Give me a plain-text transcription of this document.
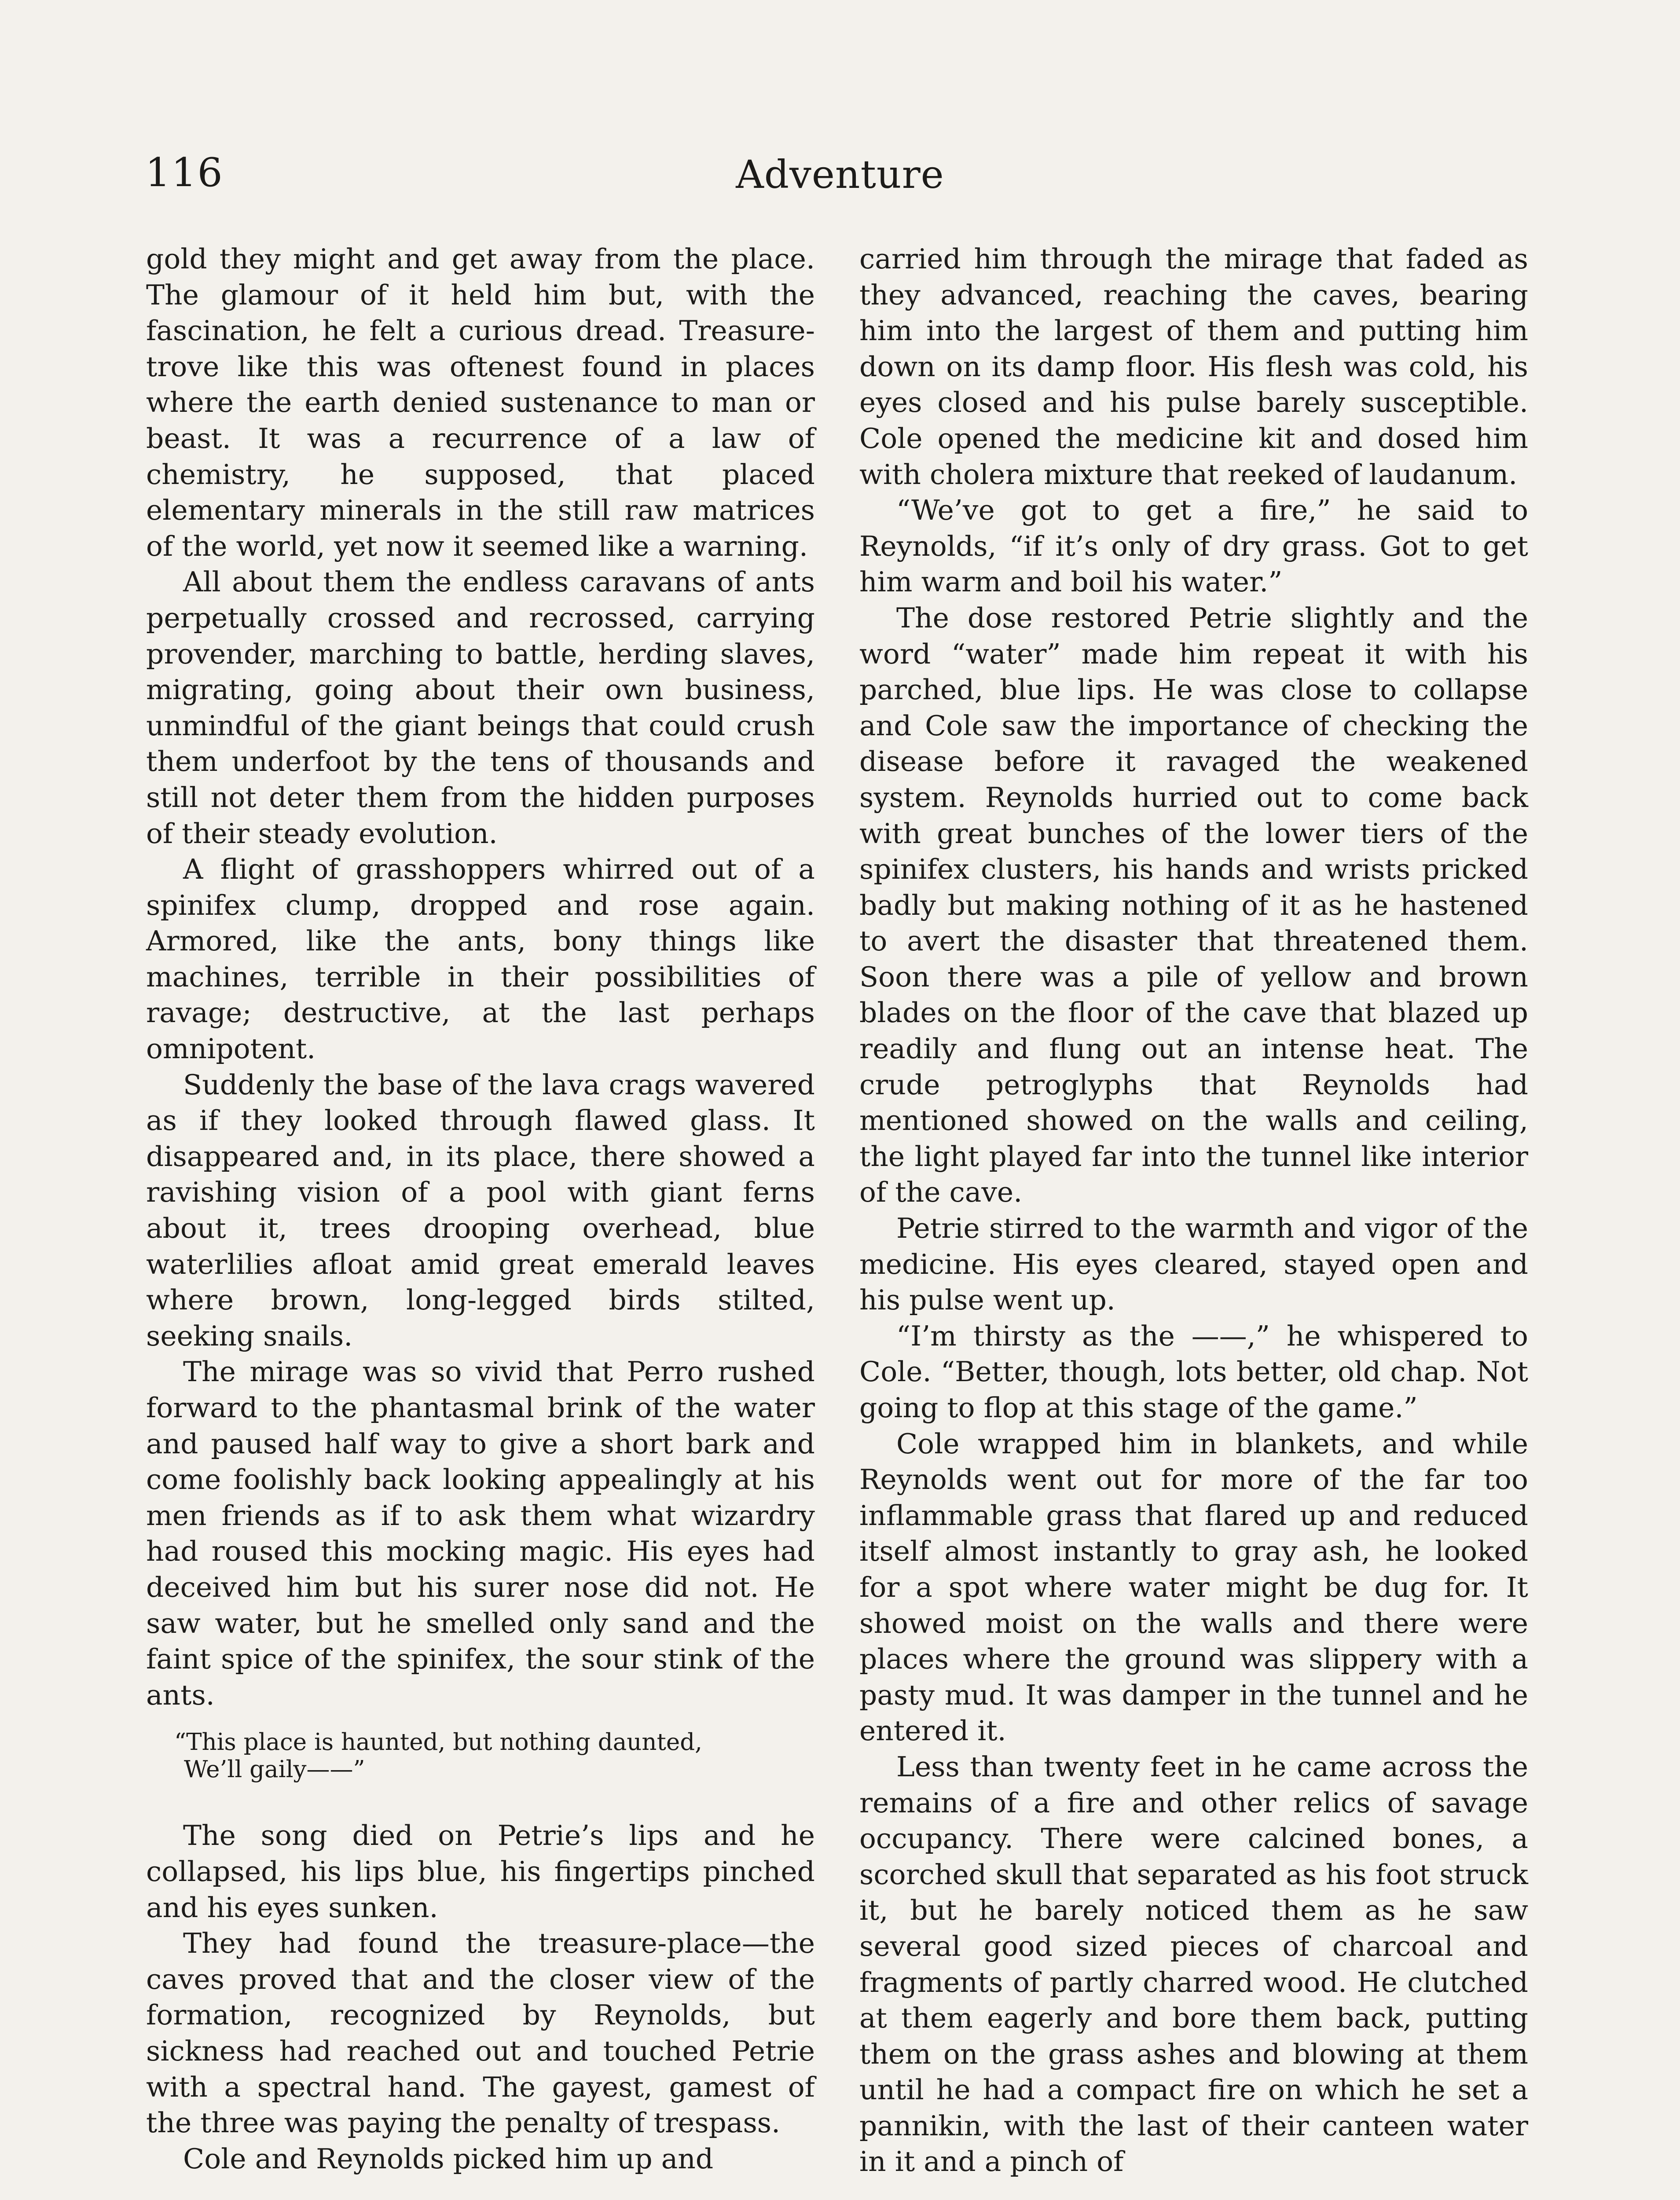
116	Adventure

gold they might and get away from the place. The glamour of it held him but, with the fascination, he felt a curious dread. Treasure-trove like this was oftenest found in places where the earth denied sustenance to man or beast. It was a recurrence of a law of chemistry, he supposed, that placed elementary minerals in the still raw matrices of the world, yet now it seemed like a warning.

All about them the endless caravans of ants perpetually crossed and recrossed, carrying provender, marching to battle, herding slaves, migrating, going about their own business, unmindful of the giant beings that could crush them underfoot by the tens of thousands and still not deter them from the hidden purposes of their steady evolution.

A flight of grasshoppers whirred out of a spinifex clump, dropped and rose again. Armored, like the ants, bony things like machines, terrible in their possibilities of ravage; destructive, at the last perhaps omnipotent.

Suddenly the base of the lava crags wavered as if they looked through flawed glass. It disappeared and, in its place, there showed a ravishing vision of a pool with giant ferns about it, trees drooping overhead, blue waterlilies afloat amid great emerald leaves where brown, long-legged birds stilted, seeking snails.

The mirage was so vivid that Perro rushed forward to the phantasmal brink of the water and paused half way to give a short bark and come foolishly back looking appealingly at his men friends as if to ask them what wizardry had roused this mocking magic. His eyes had deceived him but his surer nose did not. He saw water, but he smelled only sand and the faint spice of the spinifex, the sour stink of the ants.

“This place is haunted, but nothing daunted,
We’ll gaily——”

The song died on Petrie’s lips and he collapsed, his lips blue, his fingertips pinched and his eyes sunken.

They had found the treasure-place—the caves proved that and the closer view of the formation, recognized by Reynolds, but sickness had reached out and touched Petrie with a spectral hand. The gayest, gamest of the three was paying the penalty of trespass.

Cole and Reynolds picked him up and

carried him through the mirage that faded as they advanced, reaching the caves, bearing him into the largest of them and putting him down on its damp floor. His flesh was cold, his eyes closed and his pulse barely susceptible. Cole opened the medicine kit and dosed him with cholera mixture that reeked of laudanum.

“We’ve got to get a fire,” he said to Reynolds, “if it’s only of dry grass. Got to get him warm and boil his water.”

The dose restored Petrie slightly and the word “water” made him repeat it with his parched, blue lips. He was close to collapse and Cole saw the importance of checking the disease before it ravaged the weakened system. Reynolds hurried out to come back with great bunches of the lower tiers of the spinifex clusters, his hands and wrists pricked badly but making nothing of it as he hastened to avert the disaster that threatened them. Soon there was a pile of yellow and brown blades on the floor of the cave that blazed up readily and flung out an intense heat. The crude petroglyphs that Reynolds had mentioned showed on the walls and ceiling, the light played far into the tunnel like interior of the cave.

Petrie stirred to the warmth and vigor of the medicine. His eyes cleared, stayed open and his pulse went up.

“I’m thirsty as the ——,” he whispered to Cole. “Better, though, lots better, old chap. Not going to flop at this stage of the game.”

Cole wrapped him in blankets, and while Reynolds went out for more of the far too inflammable grass that flared up and reduced itself almost instantly to gray ash, he looked for a spot where water might be dug for. It showed moist on the walls and there were places where the ground was slippery with a pasty mud. It was damper in the tunnel and he entered it.

Less than twenty feet in he came across the remains of a fire and other relics of savage occupancy. There were calcined bones, a scorched skull that separated as his foot struck it, but he barely noticed them as he saw several good sized pieces of charcoal and fragments of partly charred wood. He clutched at them eagerly and bore them back, putting them on the grass ashes and blowing at them until he had a compact fire on which he set a pannikin, with the last of their canteen water in it and a pinch of
